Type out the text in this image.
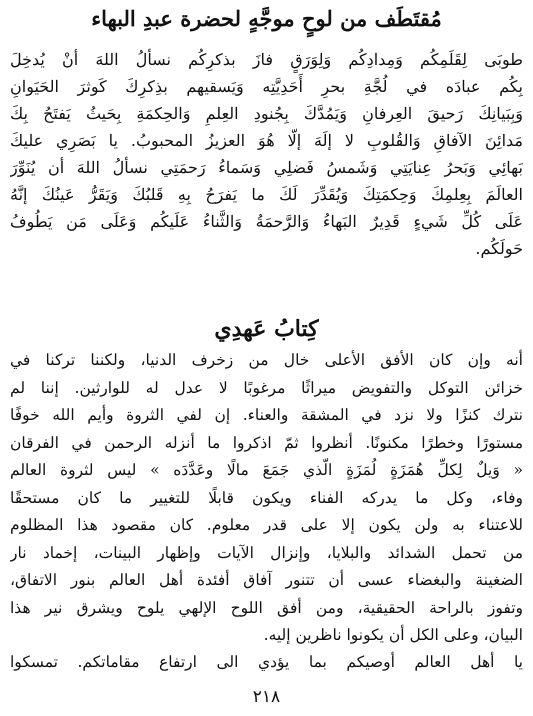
مُقتَطَف من لوحٍ موجَّهٍ لحضرة عبدِ البهاء
طوبَى لِقَلَمِكُم وَمِدادِكُم وَلِوَرَقٍ فازَ بذكرِكُم نسألُ اللهَ أنْ يُدخِلَ
بِكُم عبادَه في لُجَّةِ بحرِ أَحَدِيَّتِه وَيَسقيهم بذِكرِكَ كَوثرَ الحَيَوانِ
وَبِبَيانِكَ رَحيقَ العِرفانِ وَيَمُدَّكَ بِجُنودِ العِلمِ وَالحِكمَةِ بِحَيثُ يَفتَحُ بِكَ
مَدائِنَ الآفاقِ وَالقُلوبِ لا إلَهَ إلّا هُوَ العزيزُ المحبوبُ. يا بَصَرِي عليكَ
بَهائِي وَبَحرُ عِنايَتِي وَشَمسُ فَضلِي وَسَماءُ رَحمَتِي نسألُ اللهَ أن يُنَوِّرَ
العالَمَ بِعِلمِكَ وَحِكمَتِكَ وَيُقَدِّرَ لَكَ ما يَفرَحُ بِهِ قَلبُكَ وَيَقَرُّ عَينُكَ إنَّهُ
عَلَى كُلِّ شَيءٍ قَدِيرٌ البَهاءُ وَالرَّحمَةُ وَالثَّناءُ عَلَيكُم وَعَلَى مَن يَطُوفُ
حَولَكُم.
كِتابُ عَهدِي
أنه وإن كان الأفق الأعلى خال من زخرف الدنيا، ولكننا تركنا في
خزائن التوكل والتفويض ميراثًا مرغوبًا لا عدل له للوارثين. إننا لم
نترك كنزًا ولا نزد في المشقة والعناء. إن لفي الثروة وأيم الله خوفًا
مستورًا وخطرًا مكنونًا. أنظروا ثمّ اذكروا ما أنزله الرحمن في الفرقان
« وَيلٌ لِكلِّ هُمَزَةٍ لُمَزَةٍ الّذي جَمَعَ مالًا وعَدَّدَه » ليس لثروة العالم
وفاء، وكل ما يدركه الفناء ويكون قابلًا للتغيير ما كان مستحقًا
للاعتناء به ولن يكون إلا على قدر معلوم. كان مقصود هذا المظلوم
من تحمل الشدائد والبلايا، وإنزال الآيات وإظهار البينات، إخماد نار
الضغينة والبغضاء عسى أن تتنور آفاق أفئدة أهل العالم بنور الاتفاق،
وتفوز بالراحة الحقيقية، ومن أفق اللوح الإلهي يلوح ويشرق نير هذا
البيان، وعلى الكل أن يكونوا ناظرين إليه.
يا أهل العالم أوصيكم بما يؤدي الى ارتفاع مقاماتكم. تمسكوا
٢١٨
